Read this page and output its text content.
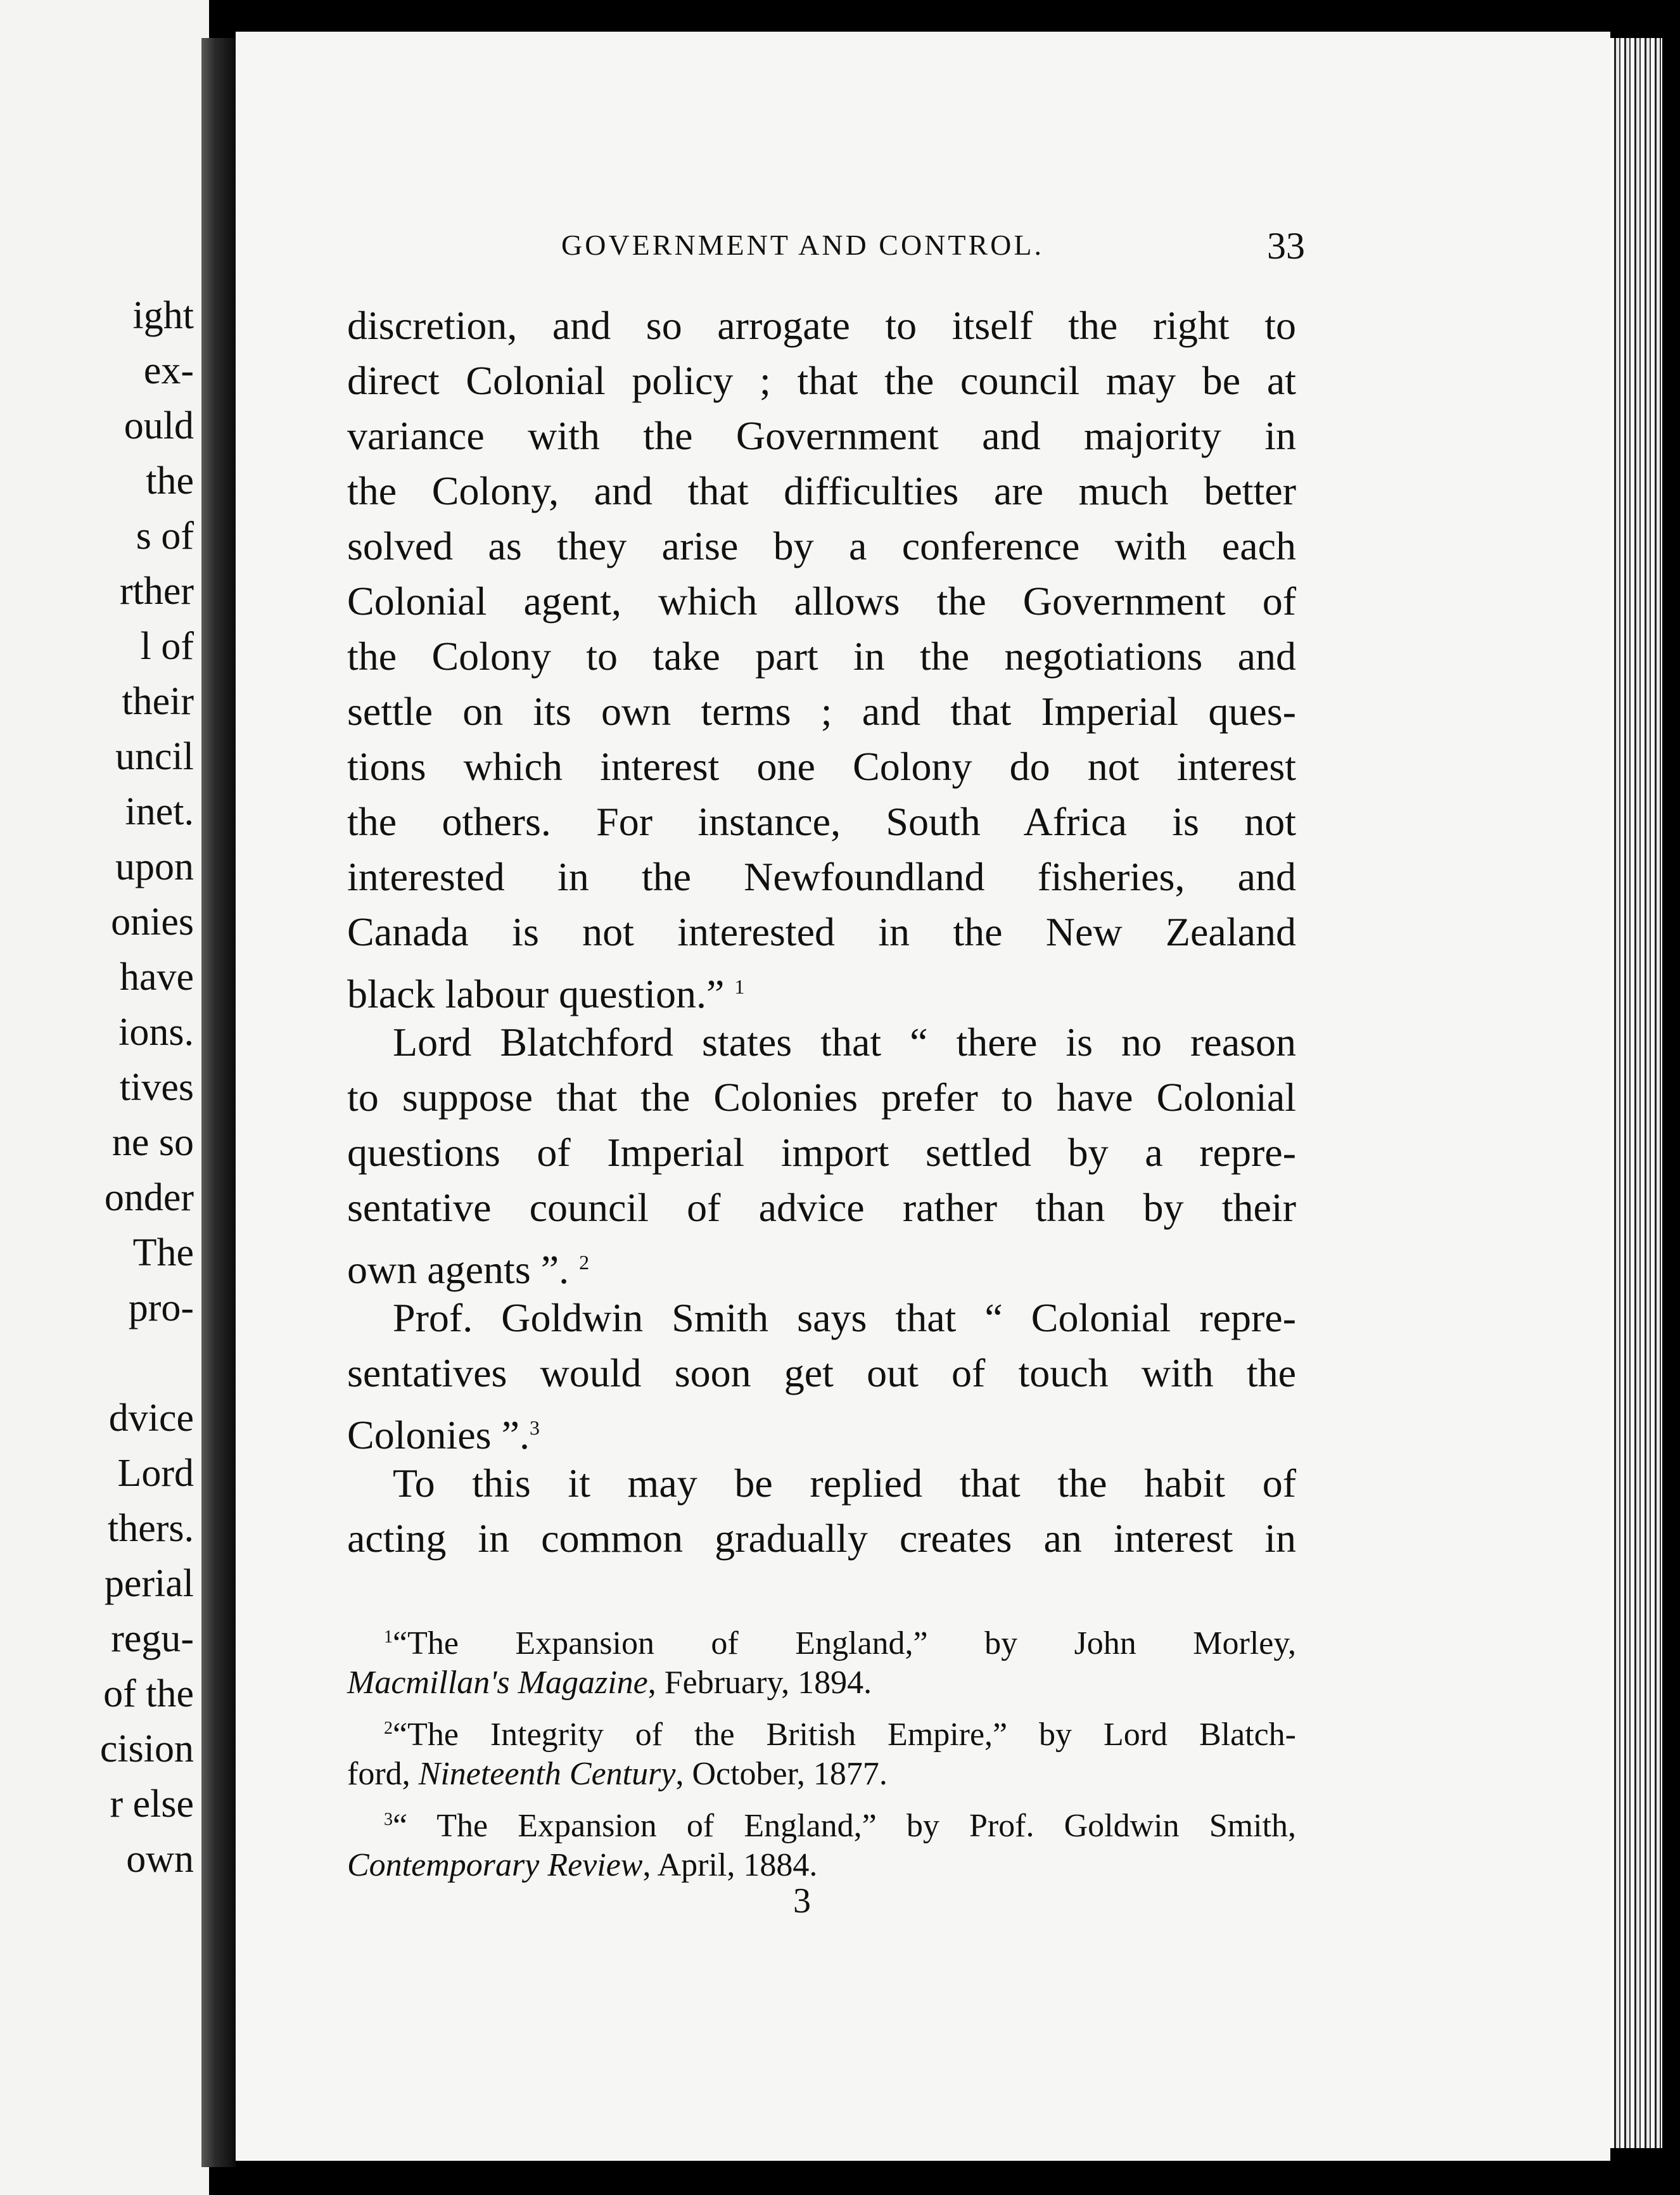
ight
ex-
ould
the
s of
rther
l of
their
uncil
inet.
upon
onies
have
ions.
tives
ne so
onder
The
pro-
dvice
Lord
thers.
perial
regu-
of the
cision
r else
own
GOVERNMENT AND CONTROL.	33
discretion, and so arrogate to itself the right to
direct Colonial policy ; that the council may be at
variance with the Government and majority in
the Colony, and that difficulties are much better
solved as they arise by a conference with each
Colonial agent, which allows the Government of
the Colony to take part in the negotiations and
settle on its own terms ; and that Imperial ques-
tions which interest one Colony do not interest
the others. For instance, South Africa is not
interested in the Newfoundland fisheries, and
Canada is not interested in the New Zealand
black labour question.” $^1$
Lord Blatchford states that “ there is no reason
to suppose that the Colonies prefer to have Colonial
questions of Imperial import settled by a repre-
sentative council of advice rather than by their
own agents ”. $^2$
Prof. Goldwin Smith says that “ Colonial repre-
sentatives would soon get out of touch with the
Colonies ”.$^3$
To this it may be replied that the habit of
acting in common gradually creates an interest in
$^1$“The Expansion of England,” by John Morley,
Macmillan's Magazine, February, 1894.
$^2$“The Integrity of the British Empire,” by Lord Blatch-
ford, Nineteenth Century, October, 1877.
$^3$“ The Expansion of England,” by Prof. Goldwin Smith,
Contemporary Review, April, 1884.
3
